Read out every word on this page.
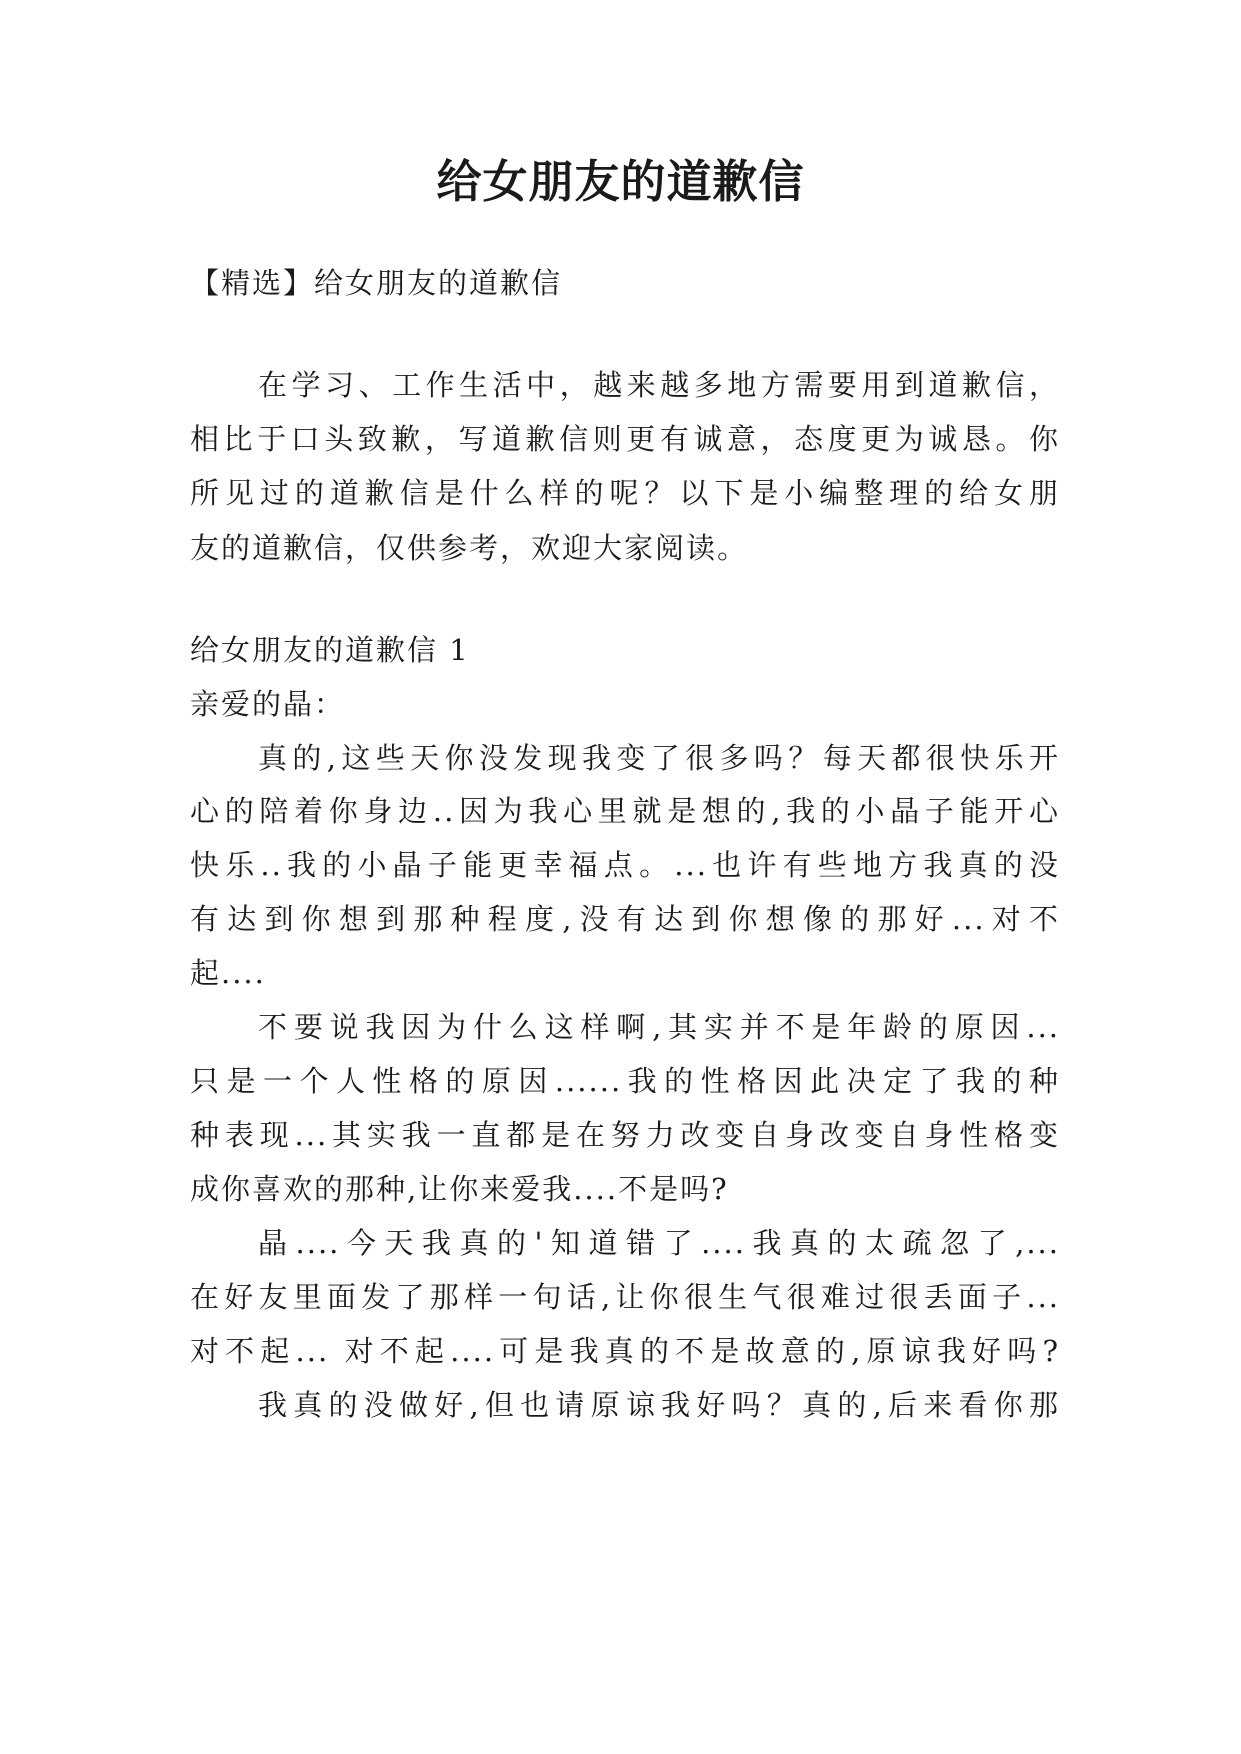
给女朋友的道歉信

【精选】给女朋友的道歉信

在学习、工作生活中，越来越多地方需要用到道歉信，

相比于口头致歉，写道歉信则更有诚意，态度更为诚恳。你

所见过的道歉信是什么样的呢？以下是小编整理的给女朋

友的道歉信，仅供参考，欢迎大家阅读。

给女朋友的道歉信 1

亲爱的晶：

真的,这些天你没发现我变了很多吗？每天都很快乐开

心的陪着你身边..因为我心里就是想的,我的小晶子能开心

快乐..我的小晶子能更幸福点。...也许有些地方我真的没

有达到你想到那种程度,没有达到你想像的那好...对不

起....

不要说我因为什么这样啊,其实并不是年龄的原因...

只是一个人性格的原因......我的性格因此决定了我的种

种表现...其实我一直都是在努力改变自身改变自身性格变

成你喜欢的那种,让你来爱我....不是吗?

晶....今天我真的'知道错了....我真的太疏忽了,...

在好友里面发了那样一句话,让你很生气很难过很丢面子...

对不起... 对不起....可是我真的不是故意的,原谅我好吗?

我真的没做好,但也请原谅我好吗？真的,后来看你那
